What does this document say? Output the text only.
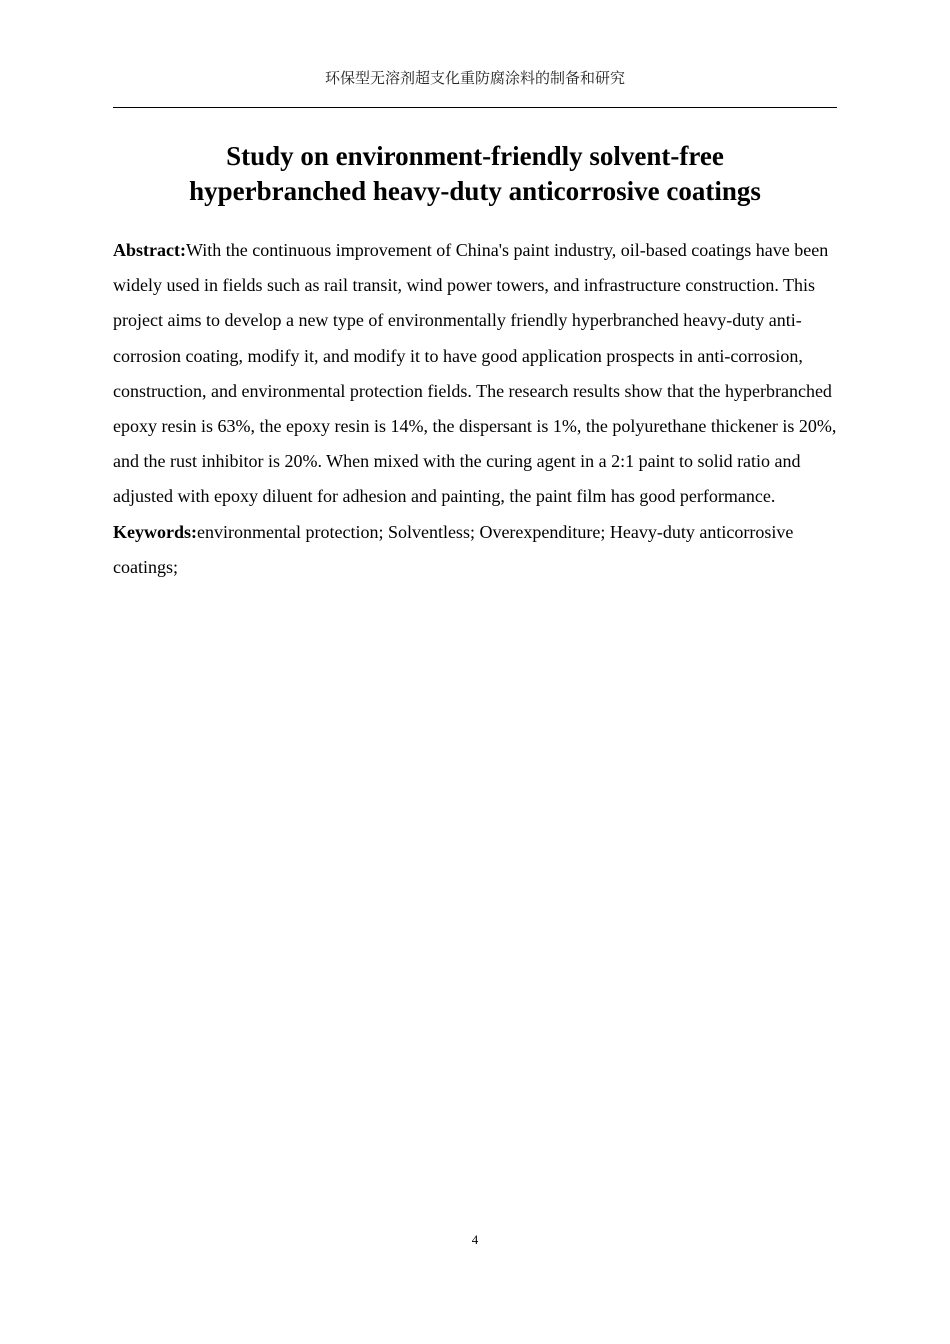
环保型无溶剂超支化重防腐涂料的制备和研究
Study on environment-friendly solvent-free
hyperbranched heavy-duty anticorrosive coatings

Abstract:With the continuous improvement of China's paint industry, oil-based coatings have been widely used in fields such as rail transit, wind power towers, and infrastructure construction. This project aims to develop a new type of environmentally friendly hyperbranched heavy-duty anti-corrosion coating, modify it, and modify it to have good application prospects in anti-corrosion, construction, and environmental protection fields. The research results show that the hyperbranched epoxy resin is 63%, the epoxy resin is 14%, the dispersant is 1%, the polyurethane thickener is 20%, and the rust inhibitor is 20%. When mixed with the curing agent in a 2:1 paint to solid ratio and adjusted with epoxy diluent for adhesion and painting, the paint film has good performance.

Keywords:environmental protection; Solventless; Overexpenditure; Heavy-duty anticorrosive coatings;

4
